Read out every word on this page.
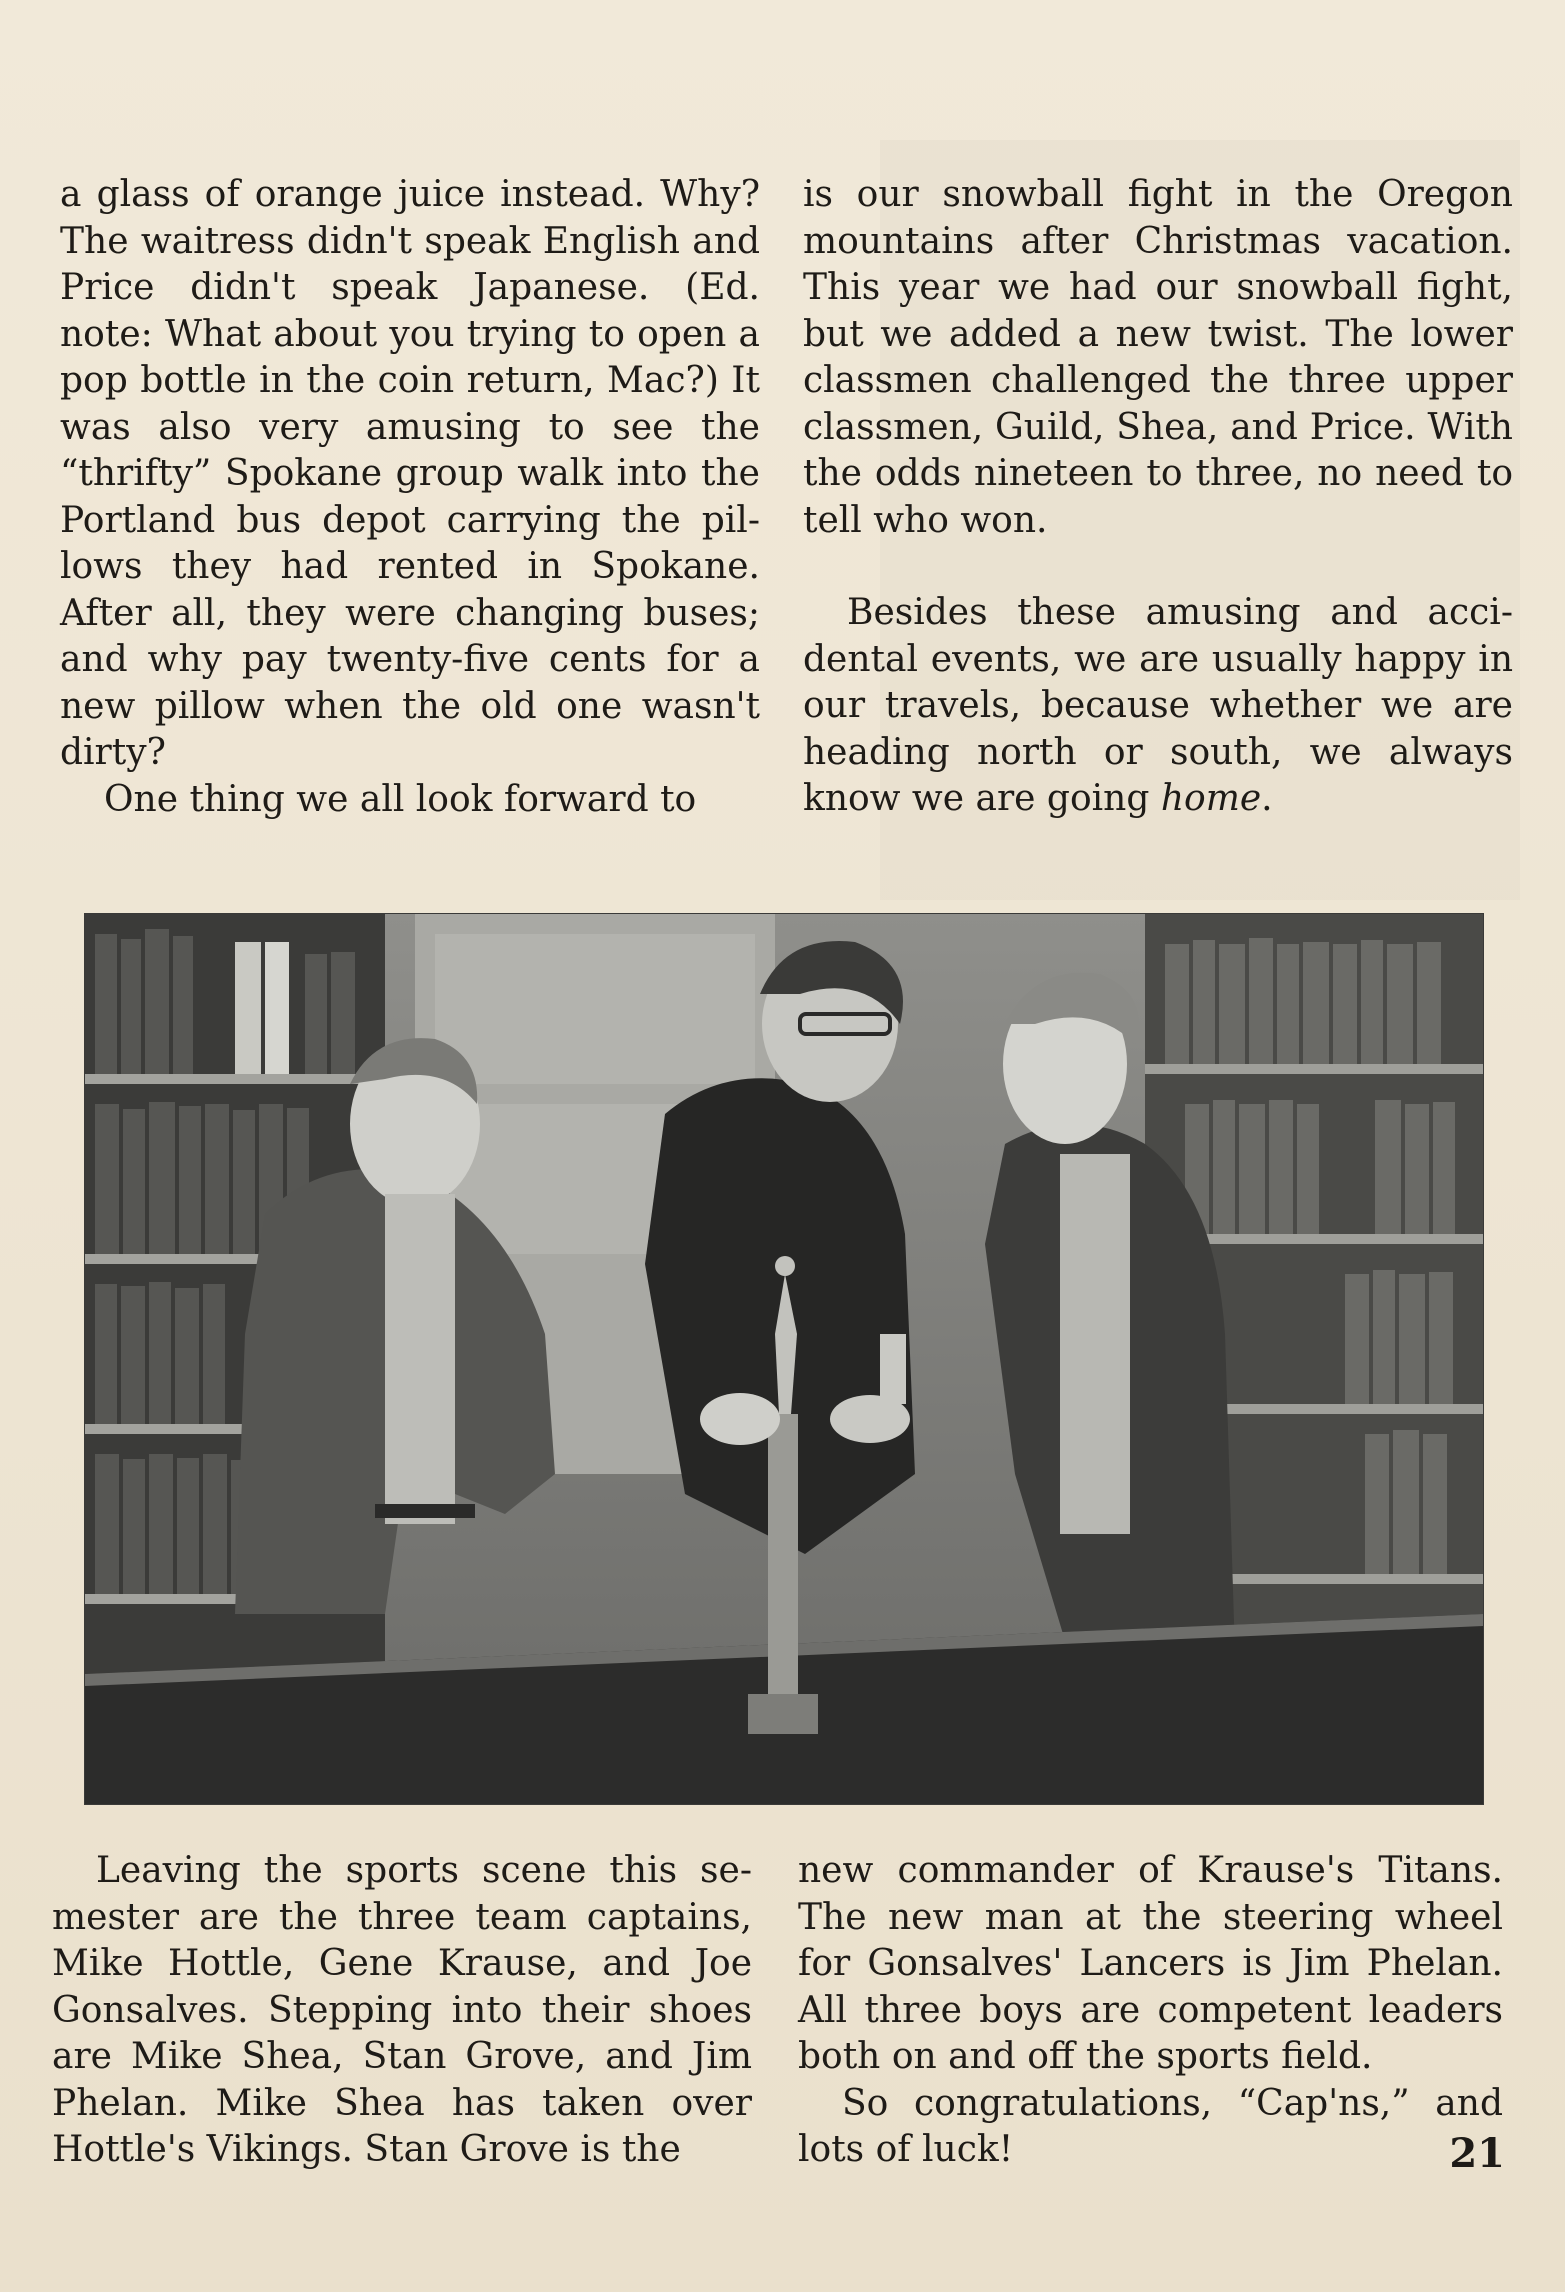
a glass of orange juice instead. Why? The waitress didn't speak English and Price didn't speak Japanese. (Ed. note: What about you trying to open a pop bottle in the coin return, Mac?) It was also very amusing to see the “thrifty” Spokane group walk into the Portland bus depot carrying the pillows they had rented in Spokane. After all, they were changing buses; and why pay twenty-five cents for a new pillow when the old one wasn't dirty?

One thing we all look forward to

is our snowball fight in the Oregon mountains after Christmas vacation. This year we had our snowball fight, but we added a new twist. The lower classmen challenged the three upper classmen, Guild, Shea, and Price. With the odds nineteen to three, no need to tell who won.

Besides these amusing and accidental events, we are usually happy in our travels, because whether we are heading north or south, we always know we are going home.

Leaving the sports scene this semester are the three team captains, Mike Hottle, Gene Krause, and Joe Gonsalves. Stepping into their shoes are Mike Shea, Stan Grove, and Jim Phelan. Mike Shea has taken over Hottle's Vikings. Stan Grove is the

new commander of Krause's Titans. The new man at the steering wheel for Gonsalves' Lancers is Jim Phelan. All three boys are competent leaders both on and off the sports field.

So congratulations, “Cap'ns,” and lots of luck!	21
